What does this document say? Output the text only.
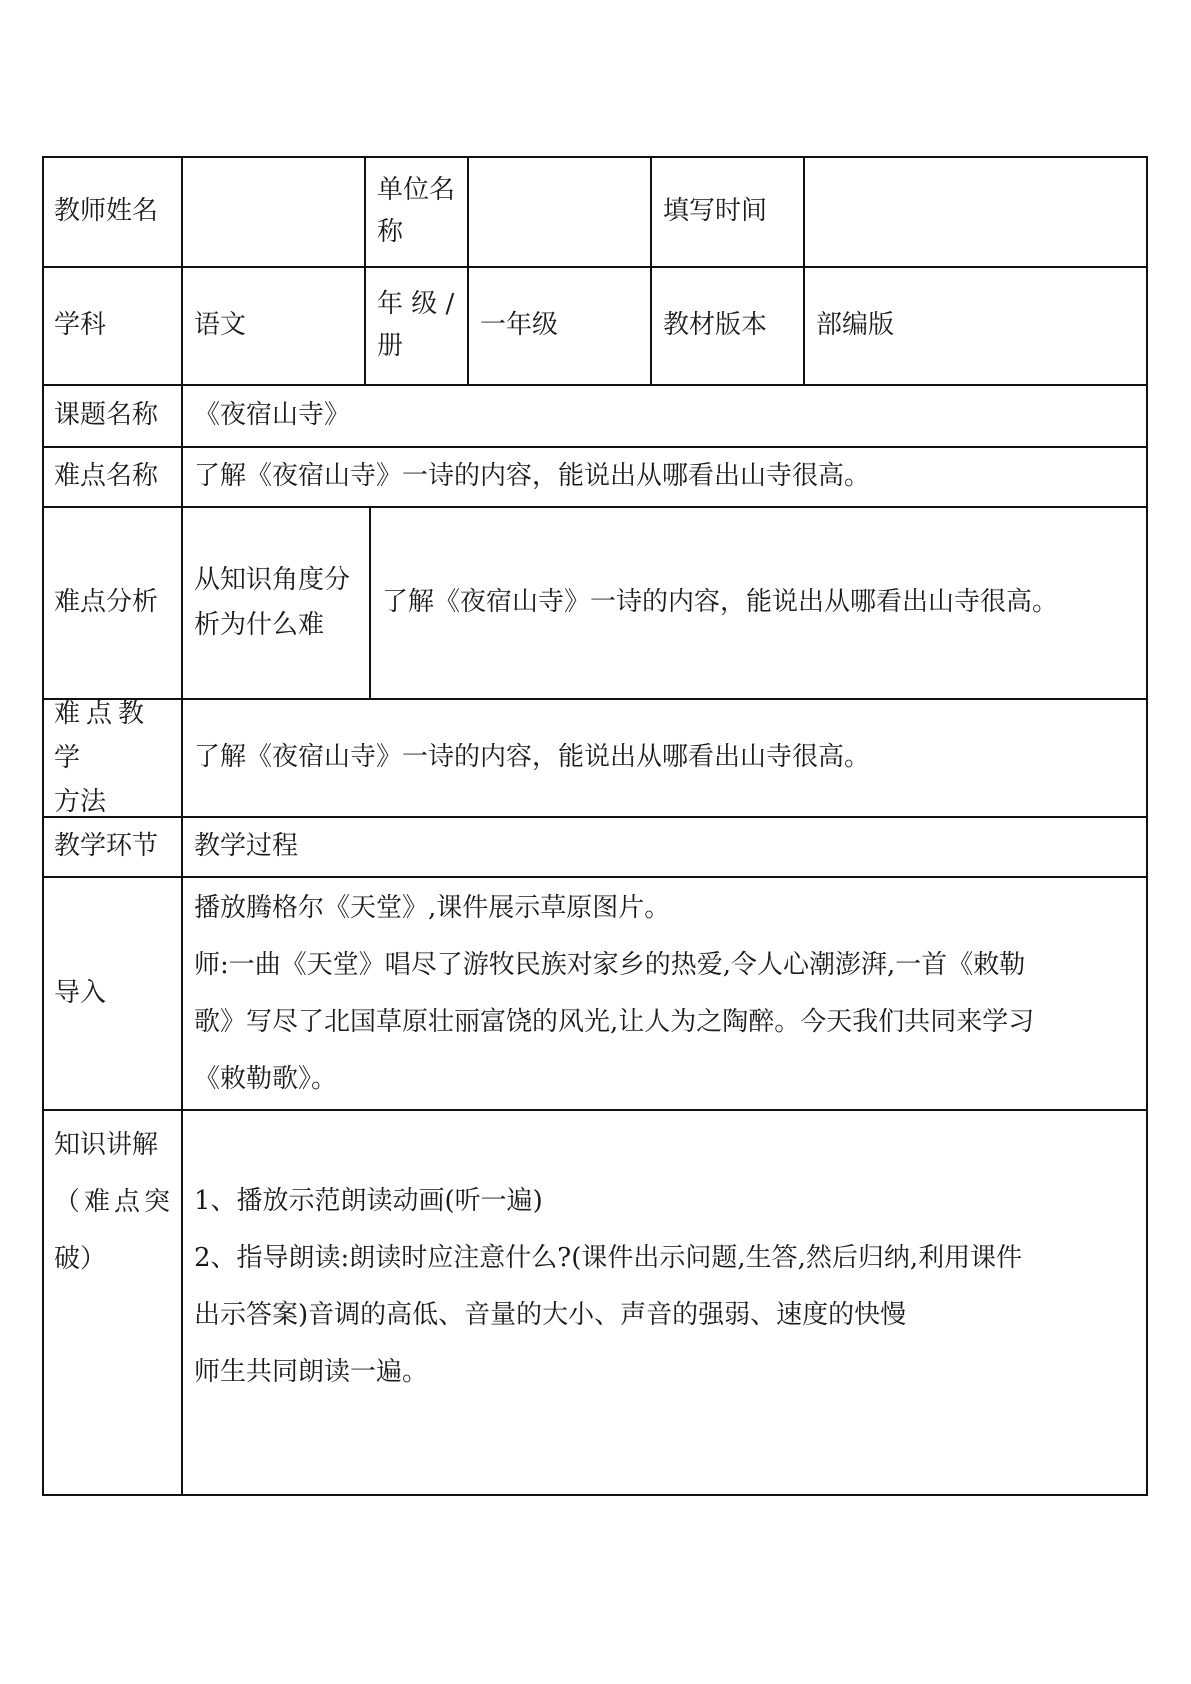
教师姓名
单位名
称
填写时间
学科	语文
年 级 /
册
一年级	教材版本 部编版
课题名称 《夜宿山寺》
难点名称 了解《夜宿山寺》一诗的内容，能说出从哪看出山寺很高。
难点分析
从知识角度分
析为什么难
了解《夜宿山寺》一诗的内容，能说出从哪看出山寺很高。
难点教学
方法
了解《夜宿山寺》一诗的内容，能说出从哪看出山寺很高。
教学环节 教学过程
导入
播放腾格尔《天堂》,课件展示草原图片。
师:一曲《天堂》唱尽了游牧民族对家乡的热爱,令人心潮澎湃,一首《敕勒
歌》写尽了北国草原壮丽富饶的风光,让人为之陶醉。今天我们共同来学习
《敕勒歌》。
知识讲解
（难点突
破）
1、播放示范朗读动画(听一遍)
2、指导朗读:朗读时应注意什么?(课件出示问题,生答,然后归纳,利用课件
出示答案)音调的高低、音量的大小、声音的强弱、速度的快慢
师生共同朗读一遍。
